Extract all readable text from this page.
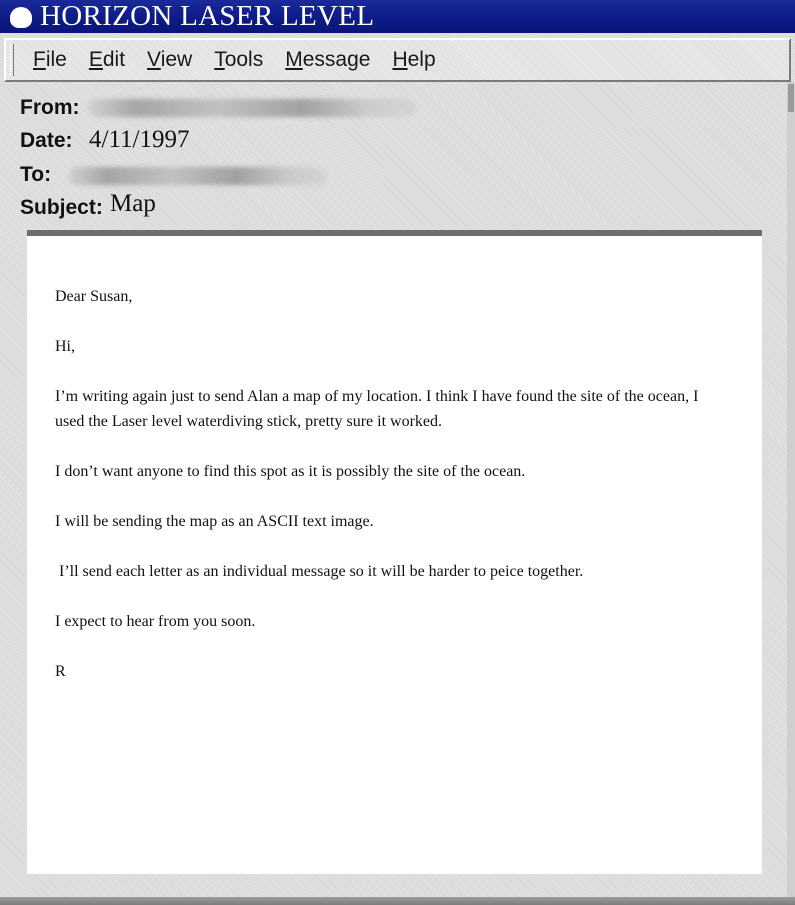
HORIZON LASER LEVEL
File Edit View Tools Message Help
From:
Date: 4/11/1997
To:
Subject: Map

Dear Susan,

Hi,

I’m writing again just to send Alan a map of my location. I think I have found the site of the ocean, I used the Laser level waterdiving stick, pretty sure it worked.

I don’t want anyone to find this spot as it is possibly the site of the ocean.

I will be sending the map as an ASCII text image.

I’ll send each letter as an individual message so it will be harder to peice together.

I expect to hear from you soon.

R
